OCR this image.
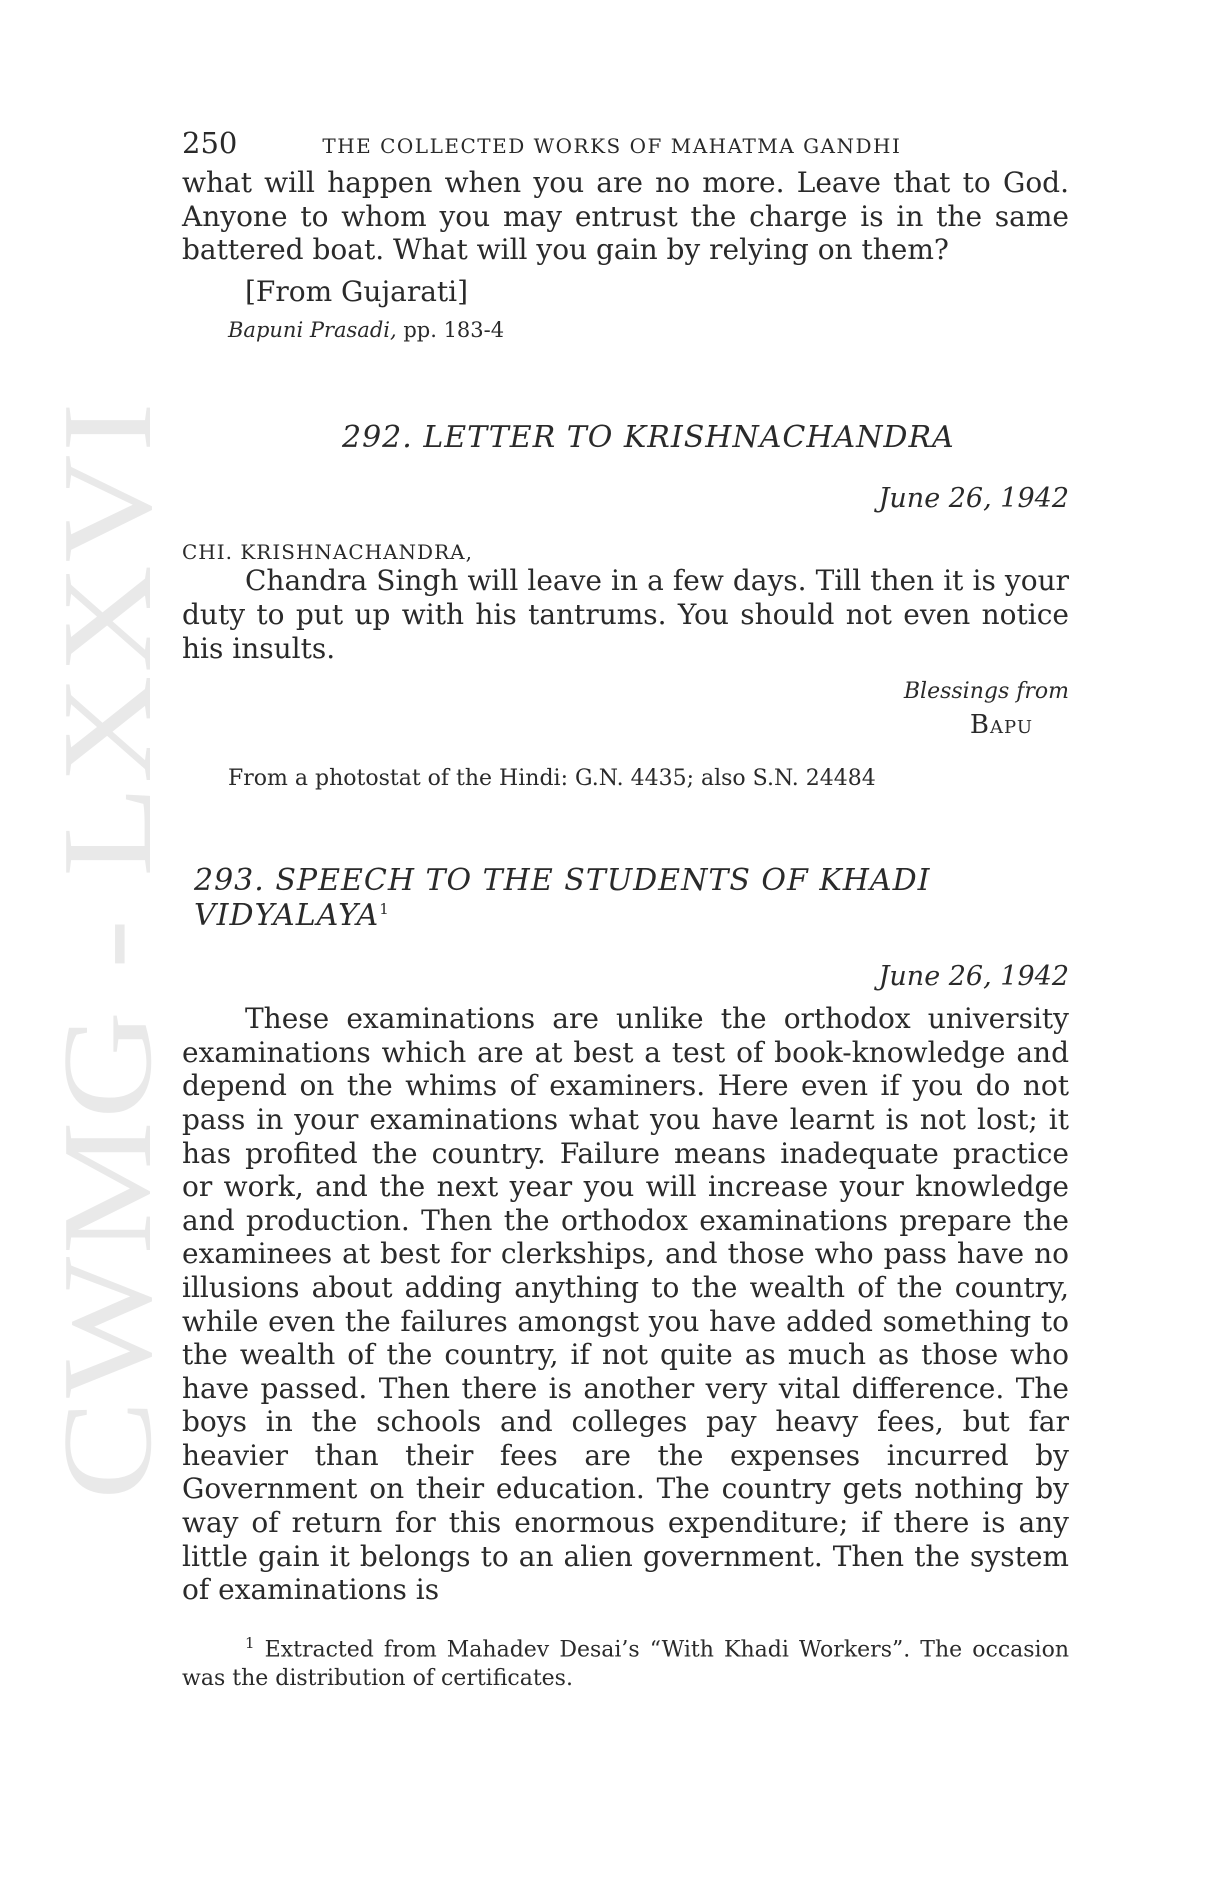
CWMG - LXXVI
250	THE COLLECTED WORKS OF MAHATMA GANDHI

what will happen when you are no more. Leave that to God. Anyone to whom you may entrust the charge is in the same battered boat. What will you gain by relying on them?

[From Gujarati]

Bapuni Prasadi, pp. 183-4
292. LETTER TO KRISHNACHANDRA
June 26, 1942
CHI. KRISHNACHANDRA,

Chandra Singh will leave in a few days. Till then it is your duty to put up with his tantrums. You should not even notice his insults.

Blessings from
Bapu
From a photostat of the Hindi: G.N. 4435; also S.N. 24484
293. SPEECH TO THE STUDENTS OF KHADI VIDYALAYA$^1$
June 26, 1942

These examinations are unlike the orthodox university examinations which are at best a test of book-knowledge and depend on the whims of examiners. Here even if you do not pass in your examinations what you have learnt is not lost; it has profited the country. Failure means inadequate practice or work, and the next year you will increase your knowledge and production. Then the orthodox examinations prepare the examinees at best for clerkships, and those who pass have no illusions about adding anything to the wealth of the country, while even the failures amongst you have added something to the wealth of the country, if not quite as much as those who have passed. Then there is another very vital difference. The boys in the schools and colleges pay heavy fees, but far heavier than their fees are the expenses incurred by Government on their education. The country gets nothing by way of return for this enormous expenditure; if there is any little gain it belongs to an alien government. Then the system of examinations is

$^1$ Extracted from Mahadev Desai’s “With Khadi Workers”. The occasion was the distribution of certificates.
